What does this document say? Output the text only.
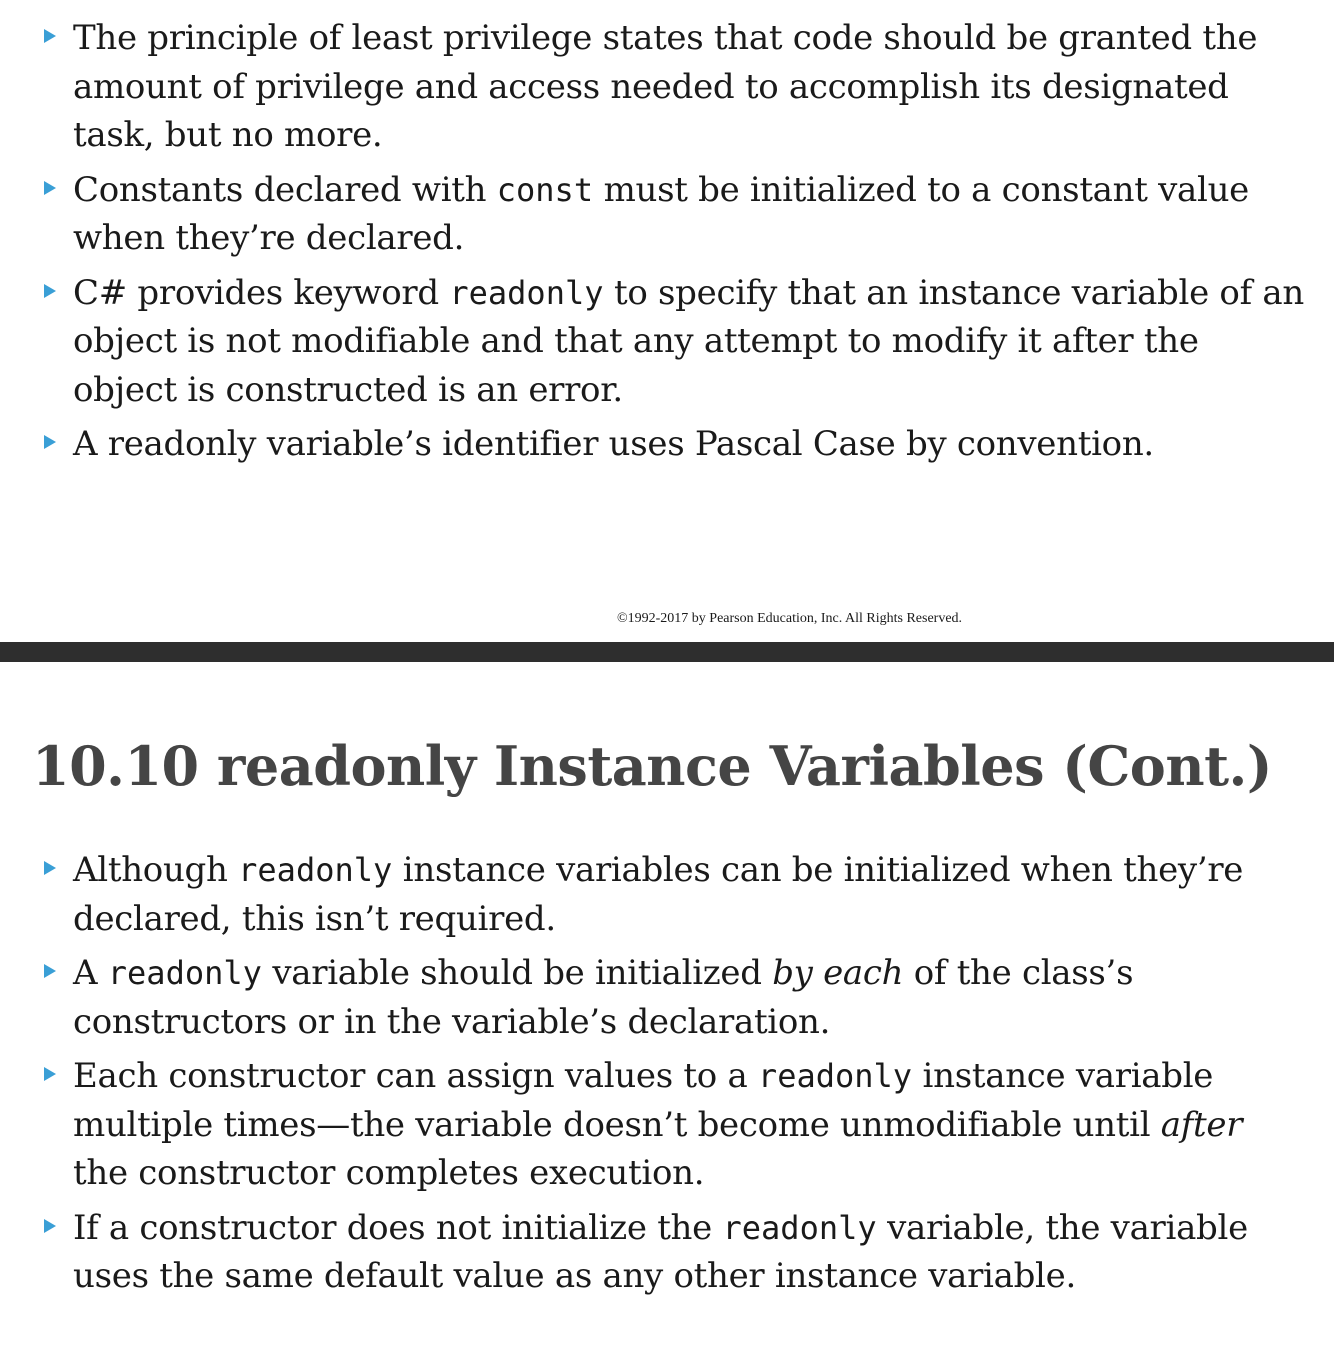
The principle of least privilege states that code should be granted the amount of privilege and access needed to accomplish its designated task, but no more.
Constants declared with const must be initialized to a constant value when they’re declared.
C# provides keyword readonly to specify that an instance variable of an object is not modifiable and that any attempt to modify it after the object is constructed is an error.
A readonly variable’s identifier uses Pascal Case by convention.
©1992-2017 by Pearson Education, Inc. All Rights Reserved.
10.10 readonly Instance Variables (Cont.)
Although readonly instance variables can be initialized when they’re declared, this isn’t required.
A readonly variable should be initialized by each of the class’s constructors or in the variable’s declaration.
Each constructor can assign values to a readonly instance variable multiple times—the variable doesn’t become unmodifiable until after the constructor completes execution.
If a constructor does not initialize the readonly variable, the variable uses the same default value as any other instance variable.
